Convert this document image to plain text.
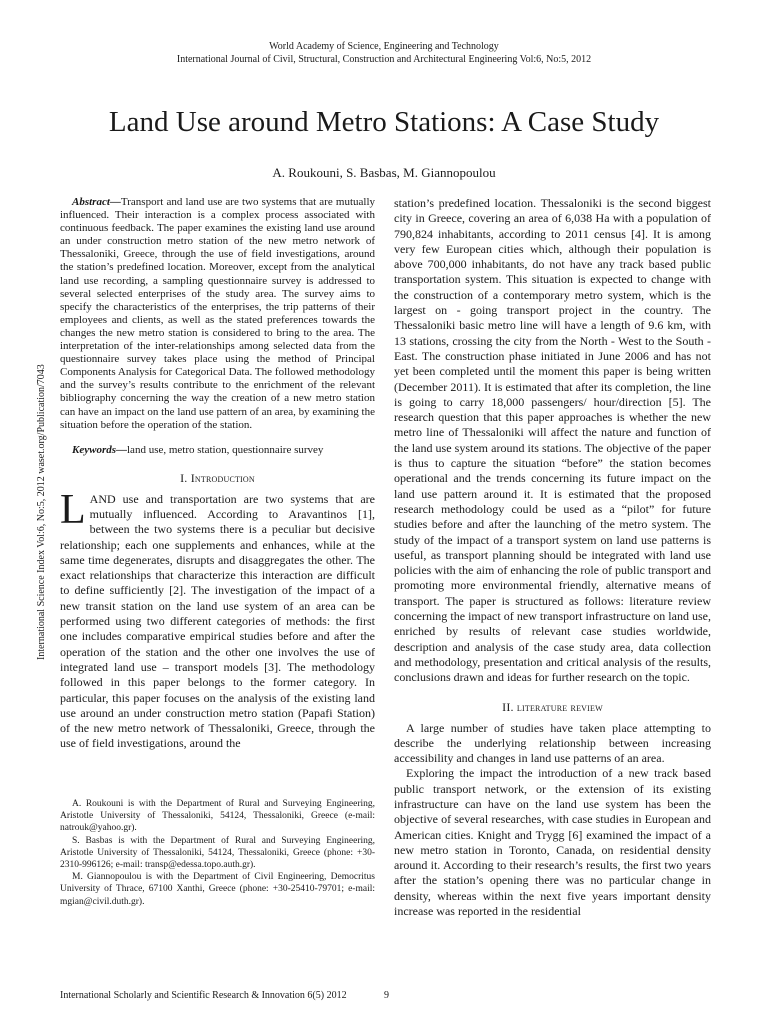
World Academy of Science, Engineering and Technology
International Journal of Civil, Structural, Construction and Architectural Engineering Vol:6, No:5, 2012
Land Use around Metro Stations: A Case Study
A. Roukouni, S. Basbas, M. Giannopoulou
International Science Index Vol:6, No:5, 2012 waset.org/Publication/7043

Abstract—Transport and land use are two systems that are mutually influenced. Their interaction is a complex process associated with continuous feedback. The paper examines the existing land use around an under construction metro station of the new metro network of Thessaloniki, Greece, through the use of field investigations, around the station’s predefined location. Moreover, except from the analytical land use recording, a sampling questionnaire survey is addressed to several selected enterprises of the study area. The survey aims to specify the characteristics of the enterprises, the trip patterns of their employees and clients, as well as the stated preferences towards the changes the new metro station is considered to bring to the area. The interpretation of the inter-relationships among selected data from the questionnaire survey takes place using the method of Principal Components Analysis for Categorical Data. The followed methodology and the survey’s results contribute to the enrichment of the relevant bibliography concerning the way the creation of a new metro station can have an impact on the land use pattern of an area, by examining the situation before the operation of the station.

Keywords—land use, metro station, questionnaire survey

I. Introduction

LAND use and transportation are two systems that are mutually influenced. According to Aravantinos [1], between the two systems there is a peculiar but decisive relationship; each one supplements and enhances, while at the same time degenerates, disrupts and disaggregates the other. The exact relationships that characterize this interaction are difficult to define sufficiently [2]. The investigation of the impact of a new transit station on the land use system of an area can be performed using two different categories of methods: the first one includes comparative empirical studies before and after the operation of the station and the other one involves the use of integrated land use – transport models [3]. The methodology followed in this paper belongs to the former category. In particular, this paper focuses on the analysis of the existing land use around an under construction metro station (Papafi Station) of the new metro network of Thessaloniki, Greece, through the use of field investigations, around the

A. Roukouni is with the Department of Rural and Surveying Engineering, Aristotle University of Thessaloniki, 54124, Thessaloniki, Greece (e-mail: natrouk@yahoo.gr).

S. Basbas is with the Department of Rural and Surveying Engineering, Aristotle University of Thessaloniki, 54124, Thessaloniki, Greece (phone: +30-2310-996126; e-mail: transp@edessa.topo.auth.gr).

M. Giannopoulou is with the Department of Civil Engineering, Democritus University of Thrace, 67100 Xanthi, Greece (phone: +30-25410-79701; e-mail: mgian@civil.duth.gr).

station’s predefined location. Thessaloniki is the second biggest city in Greece, covering an area of 6,038 Ha with a population of 790,824 inhabitants, according to 2011 census [4]. It is among very few European cities which, although their population is above 700,000 inhabitants, do not have any track based public transportation system. This situation is expected to change with the construction of a contemporary metro system, which is the largest on - going transport project in the country. The Thessaloniki basic metro line will have a length of 9.6 km, with 13 stations, crossing the city from the North - West to the South - East. The construction phase initiated in June 2006 and has not yet been completed until the moment this paper is being written (December 2011). It is estimated that after its completion, the line is going to carry 18,000 passengers/ hour/direction [5]. The research question that this paper approaches is whether the new metro line of Thessaloniki will affect the nature and function of the land use system around its stations. The objective of the paper is thus to capture the situation “before” the station becomes operational and the trends concerning its future impact on the land use pattern around it. It is estimated that the proposed research methodology could be used as a “pilot” for future studies before and after the launching of the metro system. The study of the impact of a transport system on land use patterns is useful, as transport planning should be integrated with land use policies with the aim of enhancing the role of public transport and promoting more environmental friendly, alternative means of transport. The paper is structured as follows: literature review concerning the impact of new transport infrastructure on land use, enriched by results of relevant case studies worldwide, description and analysis of the case study area, data collection and methodology, presentation and critical analysis of the results, conclusions drawn and ideas for further research on the topic.

II. literature review

A large number of studies have taken place attempting to describe the underlying relationship between increasing accessibility and changes in land use patterns of an area.

Exploring the impact the introduction of a new track based public transport network, or the extension of its existing infrastructure can have on the land use system has been the objective of several researches, with case studies in European and American cities. Knight and Trygg [6] examined the impact of a new metro station in Toronto, Canada, on residential density around it. According to their research’s results, the first two years after the station’s opening there was no particular change in density, whereas within the next five years important density increase was reported in the residential

International Scholarly and Scientific Research & Innovation 6(5) 2012	9
